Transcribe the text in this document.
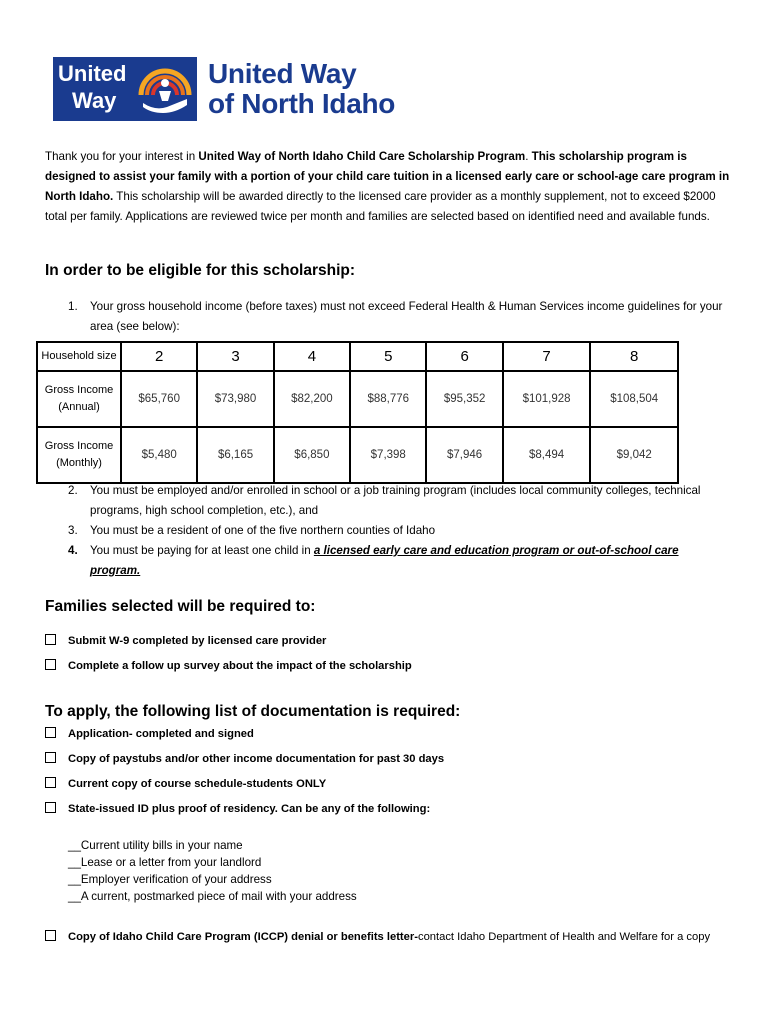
United
Way
United Way
of North Idaho
Thank you for your interest in United Way of North Idaho Child Care Scholarship Program. This scholarship program is designed to assist your family with a portion of your child care tuition in a licensed early care or school-age care program in North Idaho. This scholarship will be awarded directly to the licensed care provider as a monthly supplement, not to exceed $2000 total per family. Applications are reviewed twice per month and families are selected based on identified need and available funds.
In order to be eligible for this scholarship:
1. Your gross household income (before taxes) must not exceed Federal Health & Human Services income guidelines for your area (see below):
Household size	2	3	4	5	6	7	8
Gross Income (Annual)	$65,760	$73,980	$82,200	$88,776	$95,352	$101,928	$108,504
Gross Income (Monthly)	$5,480	$6,165	$6,850	$7,398	$7,946	$8,494	$9,042
2. You must be employed and/or enrolled in school or a job training program (includes local community colleges, technical programs, high school completion, etc.), and
3. You must be a resident of one of the five northern counties of Idaho
4. You must be paying for at least one child in a licensed early care and education program or out-of-school care program.
Families selected will be required to:
Submit W-9 completed by licensed care provider
Complete a follow up survey about the impact of the scholarship
To apply, the following list of documentation is required:
Application- completed and signed
Copy of paystubs and/or other income documentation for past 30 days
Current copy of course schedule-students ONLY
State-issued ID plus proof of residency. Can be any of the following:
__Current utility bills in your name
__Lease or a letter from your landlord
__Employer verification of your address
__A current, postmarked piece of mail with your address
Copy of Idaho Child Care Program (ICCP) denial or benefits letter-contact Idaho Department of Health and Welfare for a copy
